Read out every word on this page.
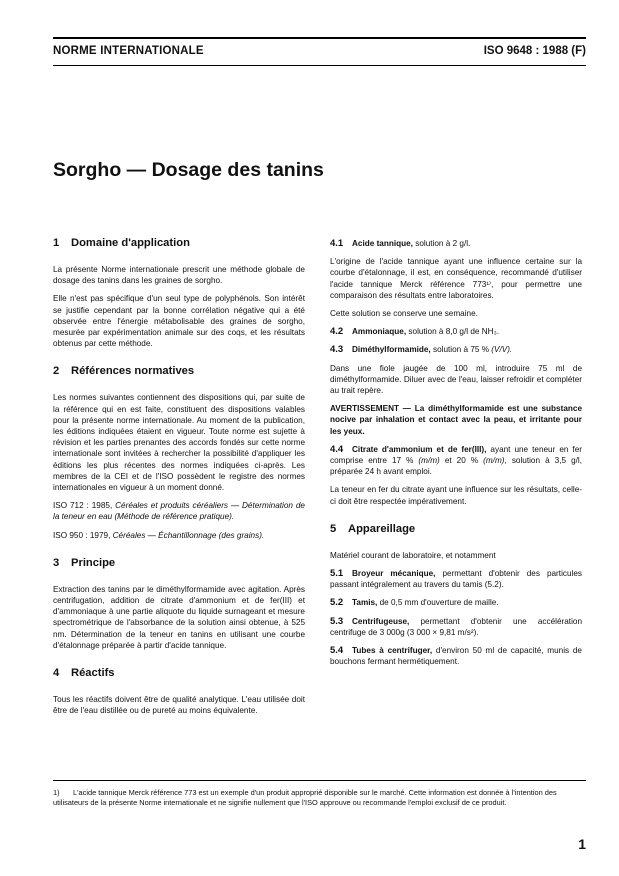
NORME INTERNATIONALE	ISO 9648 : 1988 (F)
Sorgho — Dosage des tanins
1 Domaine d'application
La présente Norme internationale prescrit une méthode globale de dosage des tanins dans les graines de sorgho.
Elle n'est pas spécifique d'un seul type de polyphénols. Son intérêt se justifie cependant par la bonne corrélation négative qui a été observée entre l'énergie métabolisable des graines de sorgho, mesurée par expérimentation animale sur des coqs, et les résultats obtenus par cette méthode.
2 Références normatives
Les normes suivantes contiennent des dispositions qui, par suite de la référence qui en est faite, constituent des dispositions valables pour la présente norme internationale. Au moment de la publication, les éditions indiquées étaient en vigueur. Toute norme est sujette à révision et les parties prenantes des accords fondés sur cette norme internationale sont invitées à rechercher la possibilité d'appliquer les éditions les plus récentes des normes indiquées ci-après. Les membres de la CEI et de l'ISO possèdent le registre des normes internationales en vigueur à un moment donné.
ISO 712 : 1985, Céréales et produits céréaliers — Détermination de la teneur en eau (Méthode de référence pratique).
ISO 950 : 1979, Céréales — Échantillonnage (des grains).
3 Principe
Extraction des tanins par le diméthylformamide avec agitation. Après centrifugation, addition de citrate d'ammonium et de fer(III) et d'ammoniaque à une partie aliquote du liquide surnageant et mesure spectrométrique de l'absorbance de la solution ainsi obtenue, à 525 nm. Détermination de la teneur en tanins en utilisant une courbe d'étalonnage préparée à partir d'acide tannique.
4 Réactifs
Tous les réactifs doivent être de qualité analytique. L'eau utilisée doit être de l'eau distillée ou de pureté au moins équivalente.
4.1 Acide tannique, solution à 2 g/l.
L'origine de l'acide tannique ayant une influence certaine sur la courbe d'étalonnage, il est, en conséquence, recommandé d'utiliser l'acide tannique Merck référence 773¹⁾, pour permettre une comparaison des résultats entre laboratoires.
Cette solution se conserve une semaine.
4.2 Ammoniaque, solution à 8,0 g/l de NH₃.
4.3 Diméthylformamide, solution à 75 % (V/V).
Dans une fiole jaugée de 100 ml, introduire 75 ml de diméthylformamide. Diluer avec de l'eau, laisser refroidir et compléter au trait repère.
AVERTISSEMENT — La diméthylformamide est une substance nocive par inhalation et contact avec la peau, et irritante pour les yeux.
4.4 Citrate d'ammonium et de fer(III), ayant une teneur en fer comprise entre 17 % (m/m) et 20 % (m/m), solution à 3,5 g/l, préparée 24 h avant emploi.
La teneur en fer du citrate ayant une influence sur les résultats, celle-ci doit être respectée impérativement.
5 Appareillage
Matériel courant de laboratoire, et notamment
5.1 Broyeur mécanique, permettant d'obtenir des particules passant intégralement au travers du tamis (5.2).
5.2 Tamis, de 0,5 mm d'ouverture de maille.
5.3 Centrifugeuse, permettant d'obtenir une accélération centrifuge de 3 000g (3 000 × 9,81 m/s²).
5.4 Tubes à centrifuger, d'environ 50 ml de capacité, munis de bouchons fermant hermétiquement.
1) L'acide tannique Merck référence 773 est un exemple d'un produit approprié disponible sur le marché. Cette information est donnée à l'intention des utilisateurs de la présente Norme internationale et ne signifie nullement que l'ISO approuve ou recommande l'emploi exclusif de ce produit.
1
